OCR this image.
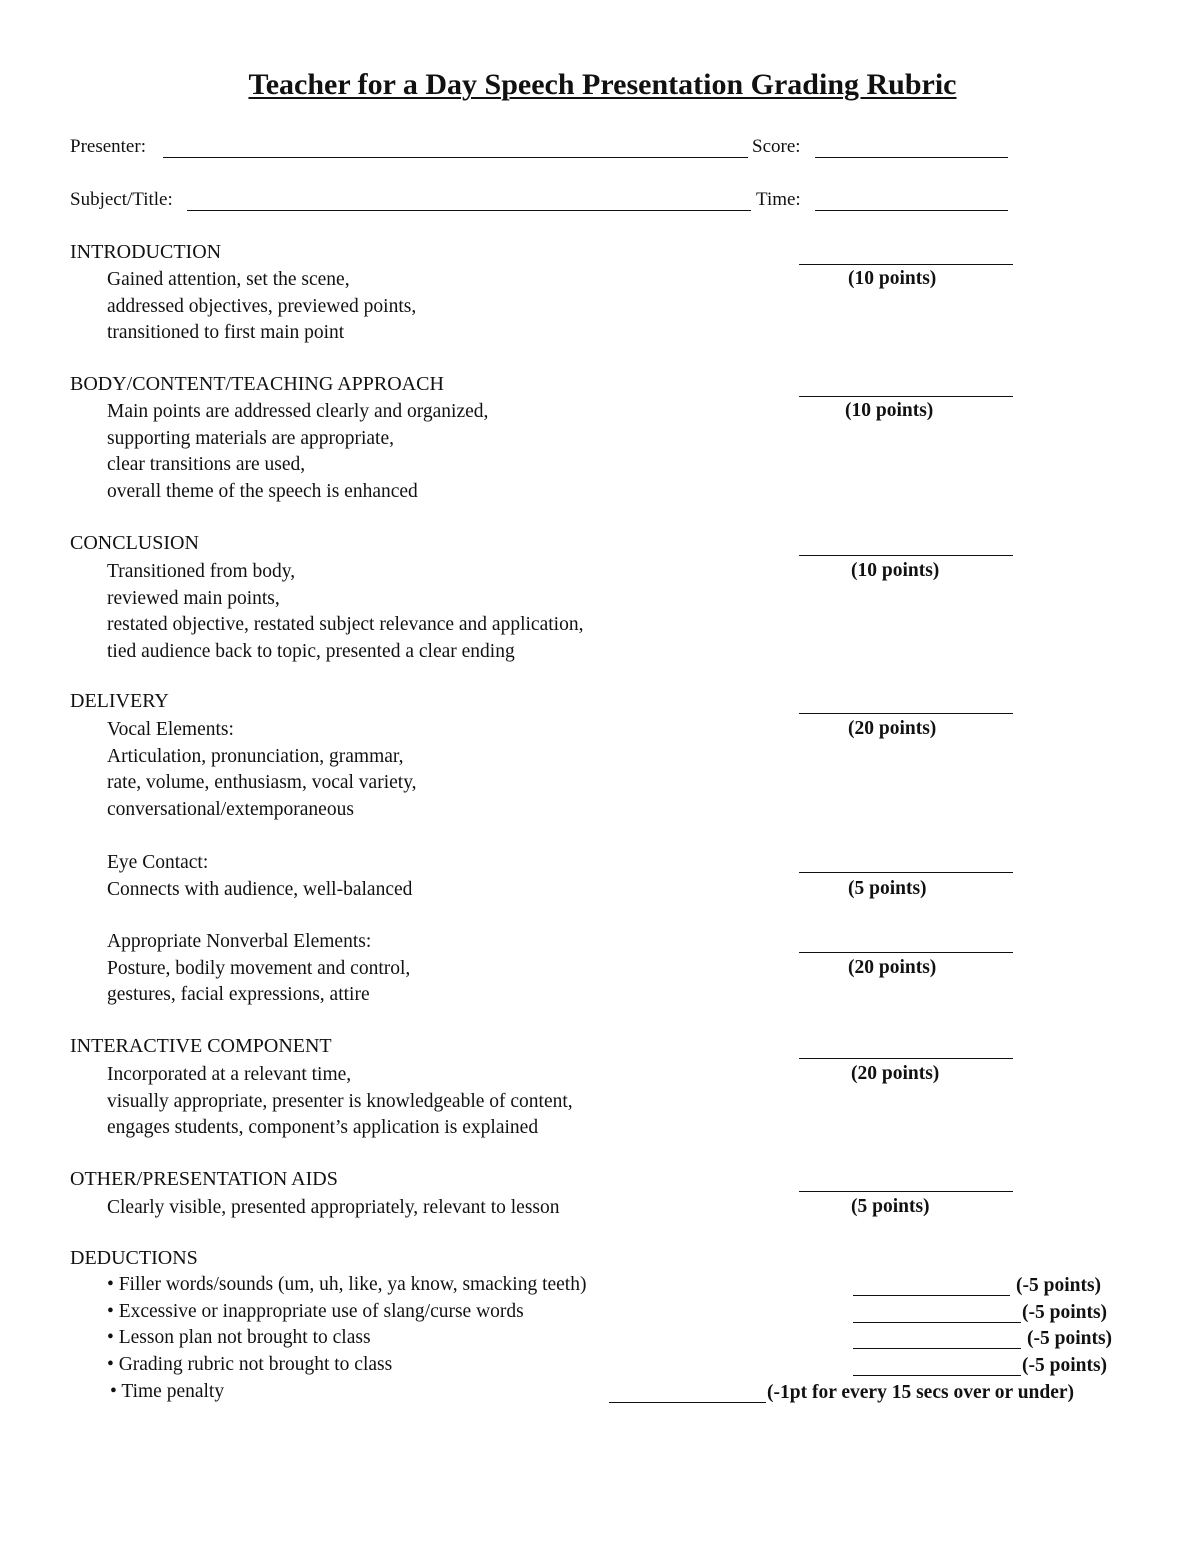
Teacher for a Day Speech Presentation Grading Rubric
Presenter:	Score:
Subject/Title:	Time:
INTRODUCTION
Gained attention, set the scene,
addressed objectives, previewed points,
transitioned to first main point
(10 points)
BODY/CONTENT/TEACHING APPROACH
Main points are addressed clearly and organized,
supporting materials are appropriate,
clear transitions are used,
overall theme of the speech is enhanced
(10 points)
CONCLUSION
Transitioned from body,
reviewed main points,
restated objective, restated subject relevance and application,
tied audience back to topic, presented a clear ending
(10 points)
DELIVERY
Vocal Elements:
Articulation, pronunciation, grammar,
rate, volume, enthusiasm, vocal variety,
conversational/extemporaneous
(20 points)
Eye Contact:
Connects with audience, well-balanced	(5 points)
Appropriate Nonverbal Elements:
Posture, bodily movement and control,
gestures, facial expressions, attire
(20 points)
INTERACTIVE COMPONENT
Incorporated at a relevant time,
visually appropriate, presenter is knowledgeable of content,
engages students, component’s application is explained
(20 points)
OTHER/PRESENTATION AIDS
Clearly visible, presented appropriately, relevant to lesson	(5 points)
DEDUCTIONS
• Filler words/sounds (um, uh, like, ya know, smacking teeth)	(-5 points)
• Excessive or inappropriate use of slang/curse words	(-5 points)
• Lesson plan not brought to class	(-5 points)
• Grading rubric not brought to class	(-5 points)
• Time penalty	(-1pt for every 15 secs over or under)
